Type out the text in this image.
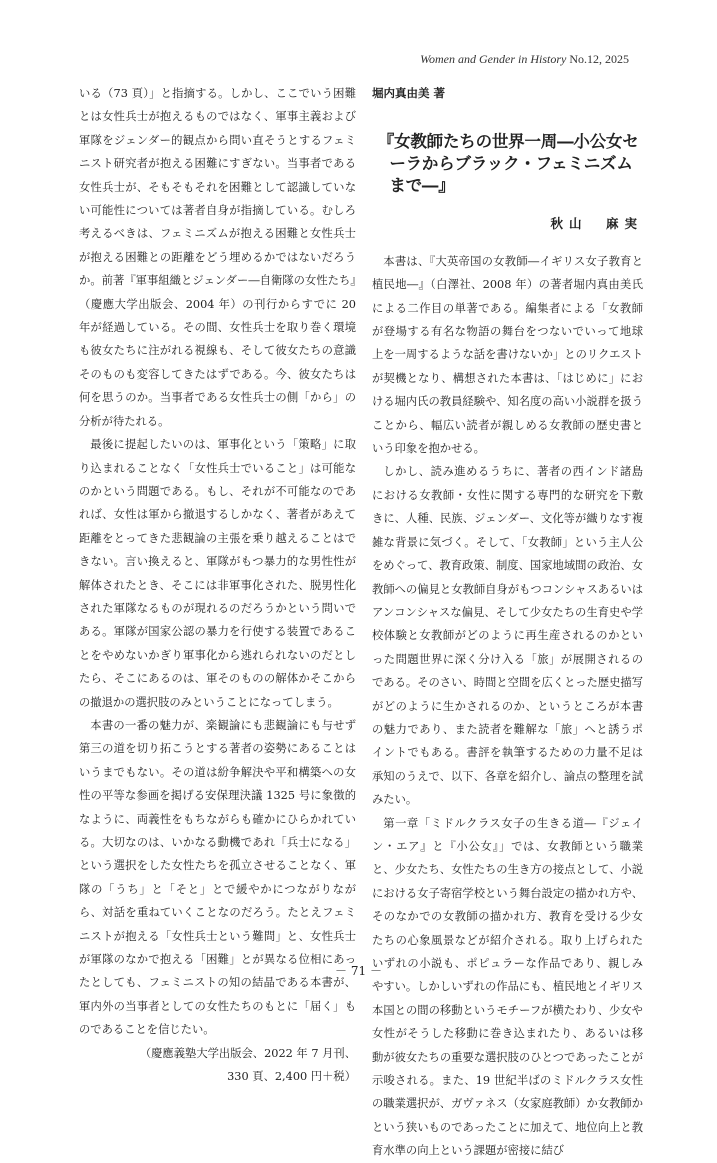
Women and Gender in History No.12, 2025

いる（73 頁）」と指摘する。しかし、ここでいう困難とは女性兵士が抱えるものではなく、軍事主義および軍隊をジェンダー的観点から問い直そうとするフェミニスト研究者が抱える困難にすぎない。当事者である女性兵士が、そもそもそれを困難として認識していない可能性については著者自身が指摘している。むしろ考えるべきは、フェミニズムが抱える困難と女性兵士が抱える困難との距離をどう埋めるかではないだろうか。前著『軍事組織とジェンダー―自衛隊の女性たち』（慶應大学出版会、2004 年）の刊行からすでに 20 年が経過している。その間、女性兵士を取り巻く環境も彼女たちに注がれる視線も、そして彼女たちの意識そのものも変容してきたはずである。今、彼女たちは何を思うのか。当事者である女性兵士の側「から」の分析が待たれる。

最後に提起したいのは、軍事化という「策略」に取り込まれることなく「女性兵士でいること」は可能なのかという問題である。もし、それが不可能なのであれば、女性は軍から撤退するしかなく、著者があえて距離をとってきた悲観論の主張を乗り越えることはできない。言い換えると、軍隊がもつ暴力的な男性性が解体されたとき、そこには非軍事化された、脱男性化された軍隊なるものが現れるのだろうかという問いである。軍隊が国家公認の暴力を行使する装置であることをやめないかぎり軍事化から逃れられないのだとしたら、そこにあるのは、軍そのものの解体かそこからの撤退かの選択肢のみということになってしまう。

本書の一番の魅力が、楽観論にも悲観論にも与せず第三の道を切り拓こうとする著者の姿勢にあることはいうまでもない。その道は紛争解決や平和構築への女性の平等な参画を掲げる安保理決議 1325 号に象徴的なように、両義性をもちながらも確かにひらかれている。大切なのは、いかなる動機であれ「兵士になる」という選択をした女性たちを孤立させることなく、軍隊の「うち」と「そと」とで緩やかにつながりながら、対話を重ねていくことなのだろう。たとえフェミニストが抱える「女性兵士という難問」と、女性兵士が軍隊のなかで抱える「困難」とが異なる位相にあったとしても、フェミニストの知の結晶である本書が、軍内外の当事者としての女性たちのもとに「届く」ものであることを信じたい。

（慶應義塾大学出版会、2022 年 7 月刊、
330 頁、2,400 円＋税）

堀内真由美 著

『女教師たちの世界一周―小公女セーラからブラック・フェミニズムまで―』
秋山　麻実

本書は、『大英帝国の女教師―イギリス女子教育と植民地―』（白澤社、2008 年）の著者堀内真由美氏による二作目の単著である。編集者による「女教師が登場する有名な物語の舞台をつないでいって地球上を一周するような話を書けないか」とのリクエストが契機となり、構想された本書は、「はじめに」における堀内氏の教員経験や、知名度の高い小説群を扱うことから、幅広い読者が親しめる女教師の歴史書という印象を抱かせる。

しかし、読み進めるうちに、著者の西インド諸島における女教師・女性に関する専門的な研究を下敷きに、人種、民族、ジェンダー、文化等が織りなす複雑な背景に気づく。そして、「女教師」という主人公をめぐって、教育政策、制度、国家地域間の政治、女教師への偏見と女教師自身がもつコンシャスあるいはアンコンシャスな偏見、そして少女たちの生育史や学校体験と女教師がどのように再生産されるのかといった問題世界に深く分け入る「旅」が展開されるのである。そのさい、時間と空間を広くとった歴史描写がどのように生かされるのか、というところが本書の魅力であり、また読者を難解な「旅」へと誘うポイントでもある。書評を執筆するための力量不足は承知のうえで、以下、各章を紹介し、論点の整理を試みたい。

第一章「ミドルクラス女子の生きる道―『ジェイン・エア』と『小公女』」では、女教師という職業と、少女たち、女性たちの生き方の接点として、小説における女子寄宿学校という舞台設定の描かれ方や、そのなかでの女教師の描かれ方、教育を受ける少女たちの心象風景などが紹介される。取り上げられたいずれの小説も、ポピュラーな作品であり、親しみやすい。しかしいずれの作品にも、植民地とイギリス本国との間の移動というモチーフが横たわり、少女や女性がそうした移動に巻き込まれたり、あるいは移動が彼女たちの重要な選択肢のひとつであったことが示唆される。また、19 世紀半ばのミドルクラス女性の職業選択が、ガヴァネス（女家庭教師）か女教師かという狭いものであったことに加えて、地位向上と教育水準の向上という課題が密接に結び

－ 71 －
